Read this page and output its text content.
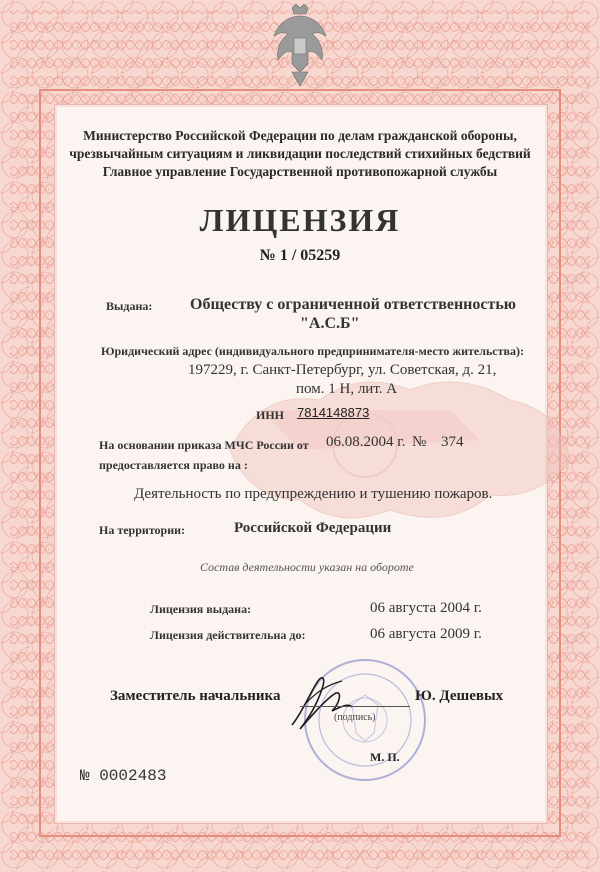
Министерство Российской Федерации по делам гражданской обороны,
чрезвычайным ситуациям и ликвидации последствий стихийных бедствий
Главное управление Государственной противопожарной службы
ЛИЦЕНЗИЯ
№ 1 / 05259
Выдана: Обществу с ограниченной ответственностью
"А.С.Б"
Юридический адрес (индивидуального предпринимателя-место жительства):
197229, г. Санкт-Петербург, ул. Советская, д. 21,
пом. 1 Н, лит. А
ИНН 7814148873
На основании приказа МЧС России от 06.08.2004 г. № 374
предоставляется право на :
Деятельность по предупреждению и тушению пожаров.
На территории:	Российской Федерации
Состав деятельности указан на обороте
Лицензия выдана:	06 августа 2004 г.
Лицензия действительна до:	06 августа 2009 г.
Заместитель начальника
(подпись)
Ю. Дешевых
М. П.
№ 0002483
